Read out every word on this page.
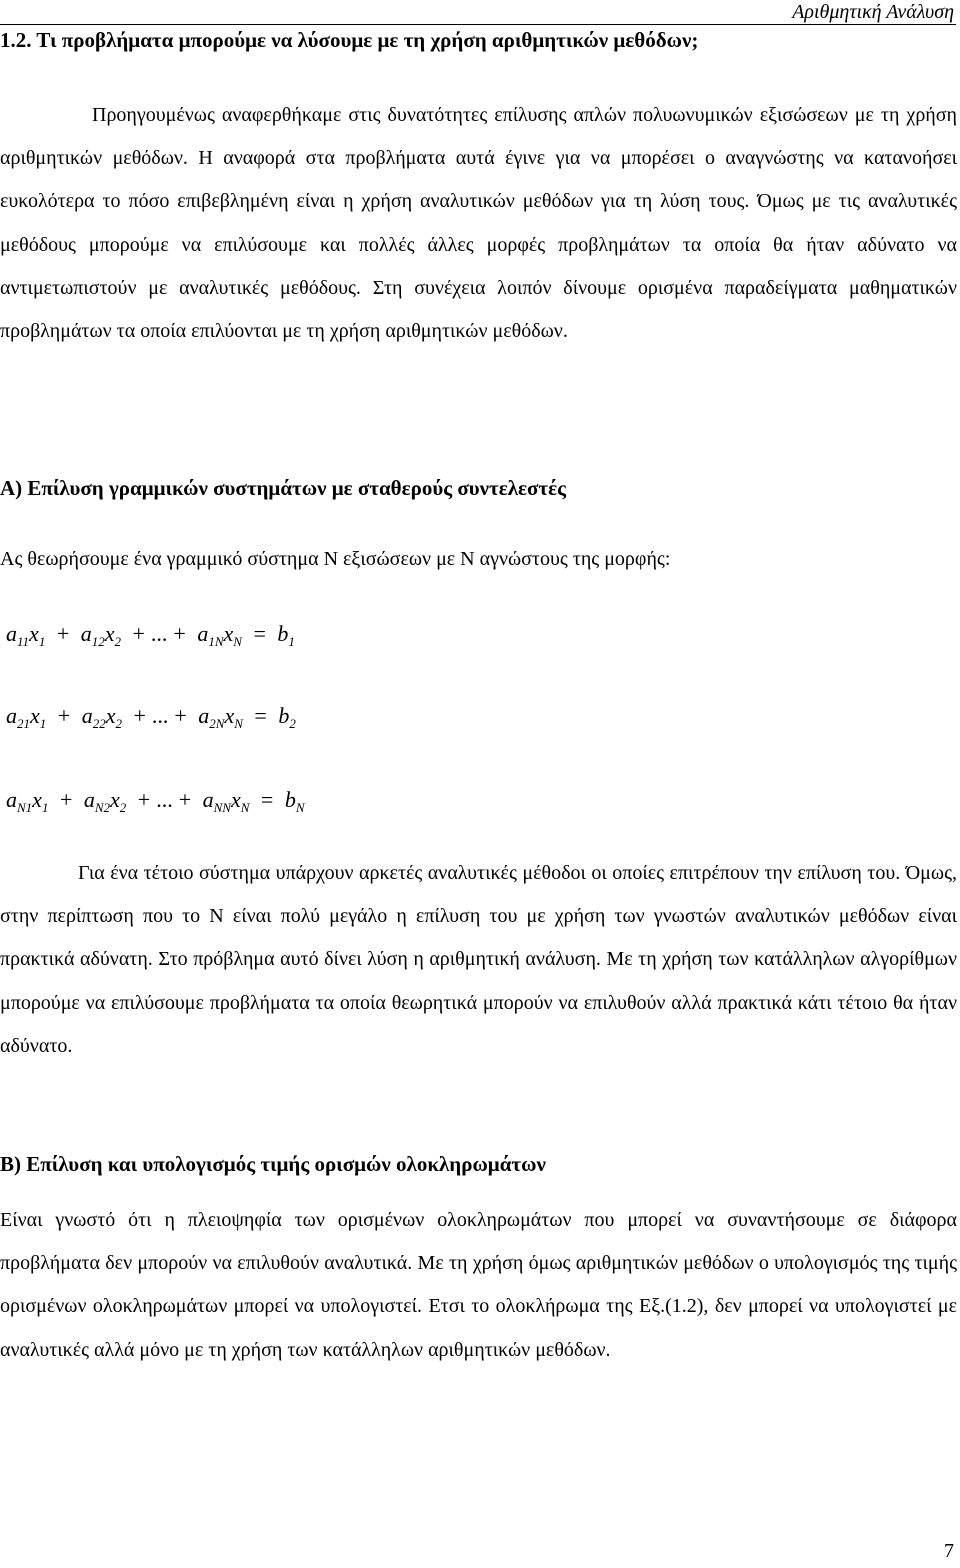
Αριθμητική Ανάλυση
1.2. Τι προβλήματα μπορούμε να λύσουμε με τη χρήση αριθμητικών μεθόδων;

Προηγουμένως αναφερθήκαμε στις δυνατότητες επίλυσης απλών πολυωνυμικών εξισώσεων με τη χρήση αριθμητικών μεθόδων. Η αναφορά στα προβλήματα αυτά έγινε για να μπορέσει ο αναγνώστης να κατανοήσει ευκολότερα το πόσο επιβεβλημένη είναι η χρήση αναλυτικών μεθόδων για τη λύση τους. Όμως με τις αναλυτικές μεθόδους μπορούμε να επιλύσουμε και πολλές άλλες μορφές προβλημάτων τα οποία θα ήταν αδύνατο να αντιμετωπιστούν με αναλυτικές μεθόδους. Στη συνέχεια λοιπόν δίνουμε ορισμένα παραδείγματα μαθηματικών προβλημάτων τα οποία επιλύονται με τη χρήση αριθμητικών μεθόδων.

Α) Επίλυση γραμμικών συστημάτων με σταθερούς συντελεστές

Ας θεωρήσουμε ένα γραμμικό σύστημα Ν εξισώσεων με Ν αγνώστους της μορφής:

$a_{11}x_1 + a_{12}x_2$ + ... + $a_{1N}x_N = b_1$
$a_{21}x_1 + a_{22}x_2$ + ... + $a_{2N}x_N = b_2$
$a_{N1}x_1 + a_{N2}x_2$ + ... + $a_{NN}x_N = b_N$

Για ένα τέτοιο σύστημα υπάρχουν αρκετές αναλυτικές μέθοδοι οι οποίες επιτρέπουν την επίλυση του. Όμως, στην περίπτωση που το Ν είναι πολύ μεγάλο η επίλυση του με χρήση των γνωστών αναλυτικών μεθόδων είναι πρακτικά αδύνατη. Στο πρόβλημα αυτό δίνει λύση η αριθμητική ανάλυση. Με τη χρήση των κατάλληλων αλγορίθμων μπορούμε να επιλύσουμε προβλήματα τα οποία θεωρητικά μπορούν να επιλυθούν αλλά πρακτικά κάτι τέτοιο θα ήταν αδύνατο.

Β) Επίλυση και υπολογισμός τιμής ορισμών ολοκληρωμάτων

Είναι γνωστό ότι η πλειοψηφία των ορισμένων ολοκληρωμάτων που μπορεί να συναντήσουμε σε διάφορα προβλήματα δεν μπορούν να επιλυθούν αναλυτικά. Με τη χρήση όμως αριθμητικών μεθόδων ο υπολογισμός της τιμής ορισμένων ολοκληρωμάτων μπορεί να υπολογιστεί. Ετσι το ολοκλήρωμα της Εξ.(1.2), δεν μπορεί να υπολογιστεί με αναλυτικές αλλά μόνο με τη χρήση των κατάλληλων αριθμητικών μεθόδων.

7
